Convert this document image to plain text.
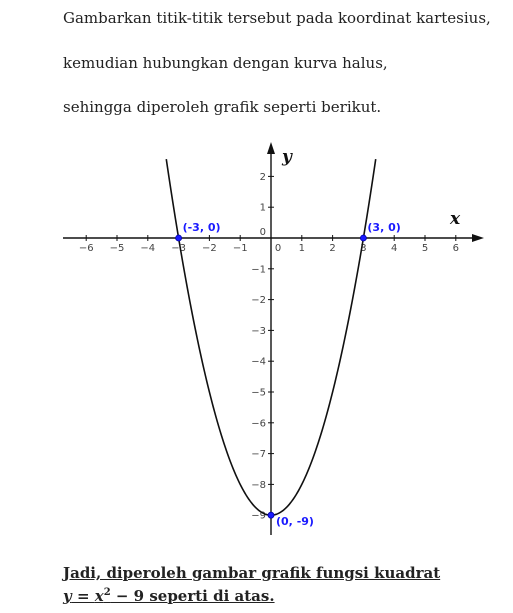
Gambarkan titik-titik tersebut pada koordinat kartesius,
kemudian hubungkan dengan kurva halus,
sehingga diperoleh grafik seperti berikut.
x
y
−6 −5 −4 −3 −2 −1	0 1 2 3 4 5 6
2
1
0
−1
−2
−3
−4
−5
−6
−7
−8
−9
(-3, 0)	(3, 0)
(0, -9)
Jadi, diperoleh gambar grafik fungsi kuadrat
$y = x^2 - 9$ seperti di atas.
